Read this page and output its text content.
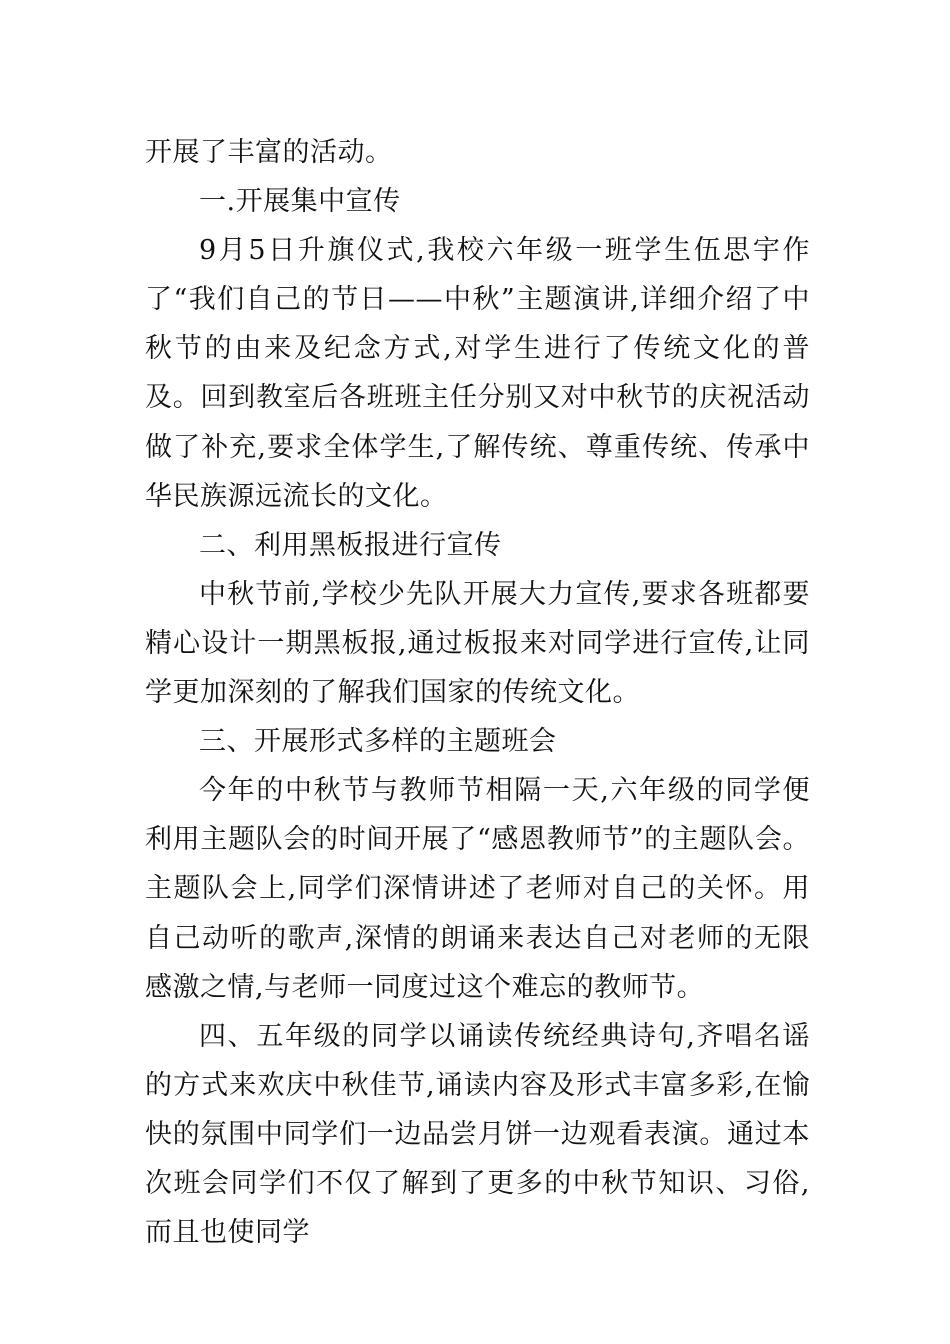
开展了丰富的活动。

一.开展集中宣传

9月5日升旗仪式,我校六年级一班学生伍思宇作了“我们自己的节日——中秋”主题演讲,详细介绍了中秋节的由来及纪念方式,对学生进行了传统文化的普及。回到教室后各班班主任分别又对中秋节的庆祝活动做了补充,要求全体学生,了解传统、尊重传统、传承中华民族源远流长的文化。

二、利用黑板报进行宣传

中秋节前,学校少先队开展大力宣传,要求各班都要精心设计一期黑板报,通过板报来对同学进行宣传,让同学更加深刻的了解我们国家的传统文化。

三、开展形式多样的主题班会

今年的中秋节与教师节相隔一天,六年级的同学便利用主题队会的时间开展了“感恩教师节”的主题队会。主题队会上,同学们深情讲述了老师对自己的关怀。用自己动听的歌声,深情的朗诵来表达自己对老师的无限感激之情,与老师一同度过这个难忘的教师节。

四、五年级的同学以诵读传统经典诗句,齐唱名谣的方式来欢庆中秋佳节,诵读内容及形式丰富多彩,在愉快的氛围中同学们一边品尝月饼一边观看表演。通过本次班会同学们不仅了解到了更多的中秋节知识、习俗,而且也使同学
